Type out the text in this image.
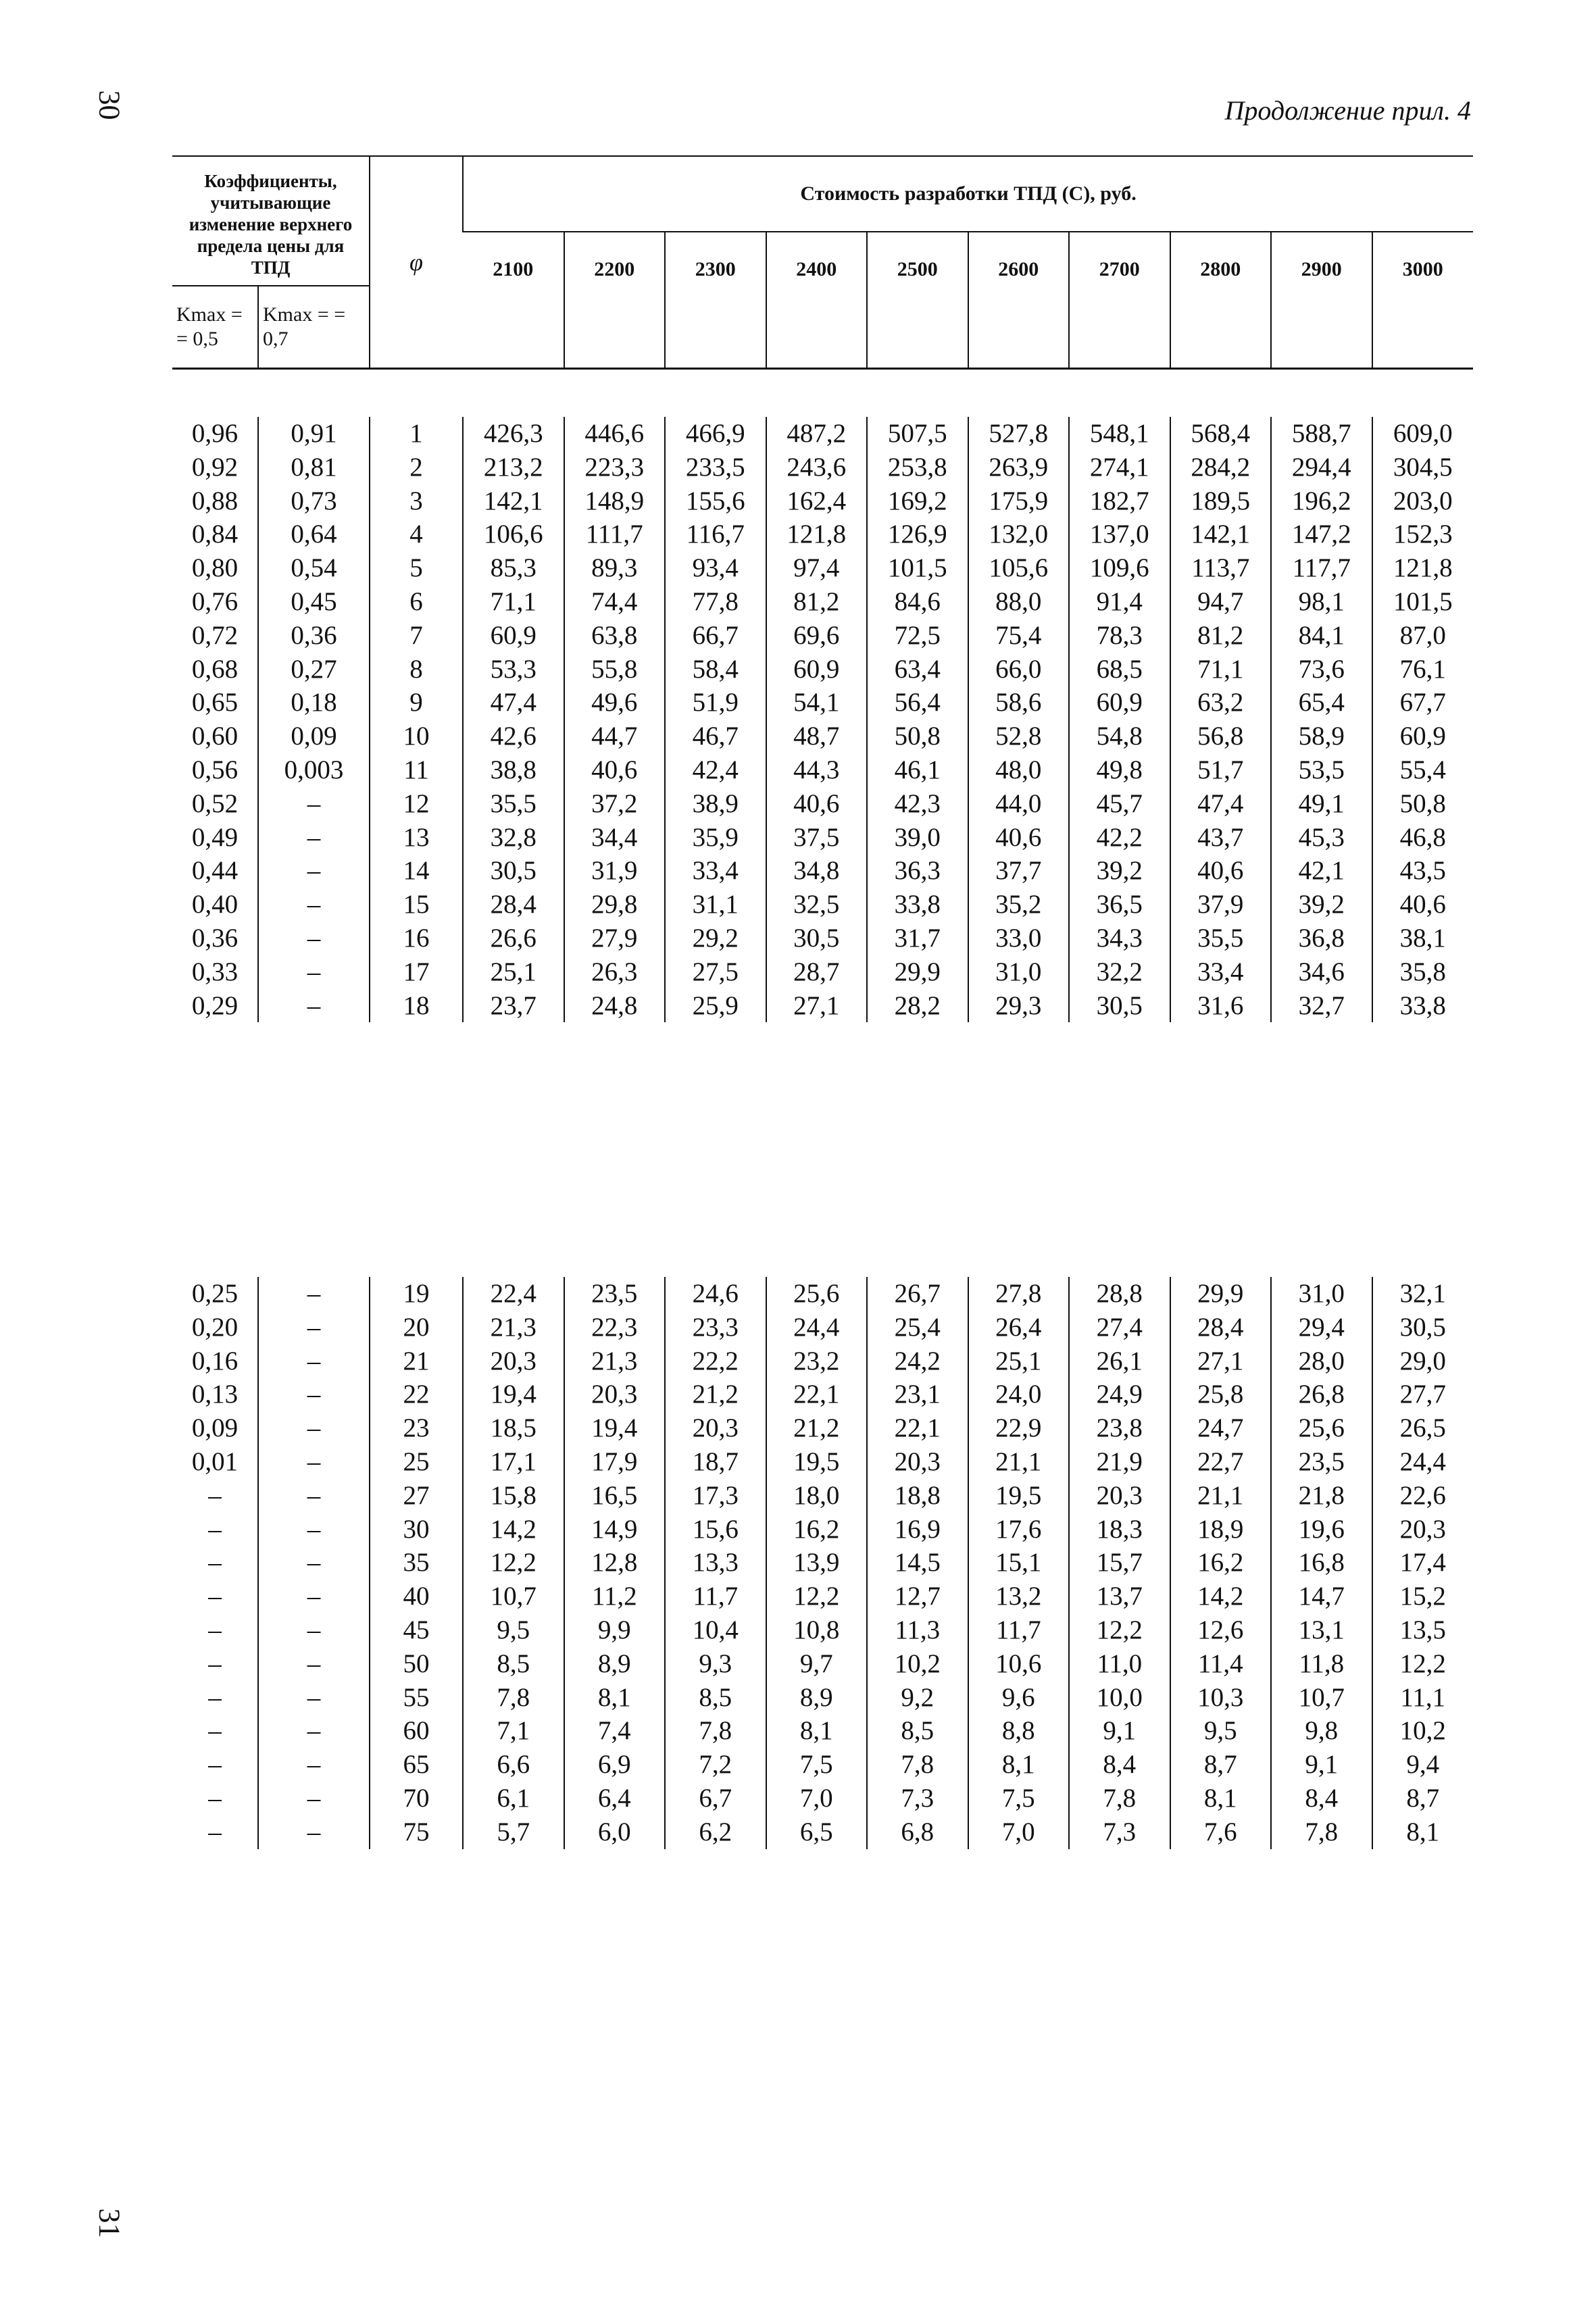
30	Продолжение прил. 4
Коэффициенты, учитывающие изменение верхнего предела цены для ТПД		φ	Стоимость разработки ТПД (C), руб.									
			2100	2200	2300	2400	2500	2600	2700	2800	2900	3000
Kmax = = 0,5	Kmax = = 0,7											
0,96	0,91	1	426,3	446,6	466,9	487,2	507,5	527,8	548,1	568,4	588,7	609,0
0,92	0,81	2	213,2	223,3	233,5	243,6	253,8	263,9	274,1	284,2	294,4	304,5
0,88	0,73	3	142,1	148,9	155,6	162,4	169,2	175,9	182,7	189,5	196,2	203,0
0,84	0,64	4	106,6	111,7	116,7	121,8	126,9	132,0	137,0	142,1	147,2	152,3
0,80	0,54	5	85,3	89,3	93,4	97,4	101,5	105,6	109,6	113,7	117,7	121,8
0,76	0,45	6	71,1	74,4	77,8	81,2	84,6	88,0	91,4	94,7	98,1	101,5
0,72	0,36	7	60,9	63,8	66,7	69,6	72,5	75,4	78,3	81,2	84,1	87,0
0,68	0,27	8	53,3	55,8	58,4	60,9	63,4	66,0	68,5	71,1	73,6	76,1
0,65	0,18	9	47,4	49,6	51,9	54,1	56,4	58,6	60,9	63,2	65,4	67,7
0,60	0,09	10	42,6	44,7	46,7	48,7	50,8	52,8	54,8	56,8	58,9	60,9
0,56	0,003	11	38,8	40,6	42,4	44,3	46,1	48,0	49,8	51,7	53,5	55,4
0,52	–	12	35,5	37,2	38,9	40,6	42,3	44,0	45,7	47,4	49,1	50,8
0,49	–	13	32,8	34,4	35,9	37,5	39,0	40,6	42,2	43,7	45,3	46,8
0,44	–	14	30,5	31,9	33,4	34,8	36,3	37,7	39,2	40,6	42,1	43,5
0,40	–	15	28,4	29,8	31,1	32,5	33,8	35,2	36,5	37,9	39,2	40,6
0,36	–	16	26,6	27,9	29,2	30,5	31,7	33,0	34,3	35,5	36,8	38,1
0,33	–	17	25,1	26,3	27,5	28,7	29,9	31,0	32,2	33,4	34,6	35,8
0,29	–	18	23,7	24,8	25,9	27,1	28,2	29,3	30,5	31,6	32,7	33,8
0,25	–	19	22,4	23,5	24,6	25,6	26,7	27,8	28,8	29,9	31,0	32,1
0,20	–	20	21,3	22,3	23,3	24,4	25,4	26,4	27,4	28,4	29,4	30,5
0,16	–	21	20,3	21,3	22,2	23,2	24,2	25,1	26,1	27,1	28,0	29,0
0,13	–	22	19,4	20,3	21,2	22,1	23,1	24,0	24,9	25,8	26,8	27,7
0,09	–	23	18,5	19,4	20,3	21,2	22,1	22,9	23,8	24,7	25,6	26,5
0,01	–	25	17,1	17,9	18,7	19,5	20,3	21,1	21,9	22,7	23,5	24,4
–	–	27	15,8	16,5	17,3	18,0	18,8	19,5	20,3	21,1	21,8	22,6
–	–	30	14,2	14,9	15,6	16,2	16,9	17,6	18,3	18,9	19,6	20,3
–	–	35	12,2	12,8	13,3	13,9	14,5	15,1	15,7	16,2	16,8	17,4
–	–	40	10,7	11,2	11,7	12,2	12,7	13,2	13,7	14,2	14,7	15,2
–	–	45	9,5	9,9	10,4	10,8	11,3	11,7	12,2	12,6	13,1	13,5
–	–	50	8,5	8,9	9,3	9,7	10,2	10,6	11,0	11,4	11,8	12,2
–	–	55	7,8	8,1	8,5	8,9	9,2	9,6	10,0	10,3	10,7	11,1
–	–	60	7,1	7,4	7,8	8,1	8,5	8,8	9,1	9,5	9,8	10,2
–	–	65	6,6	6,9	7,2	7,5	7,8	8,1	8,4	8,7	9,1	9,4
–	–	70	6,1	6,4	6,7	7,0	7,3	7,5	7,8	8,1	8,4	8,7
–	–	75	5,7	6,0	6,2	6,5	6,8	7,0	7,3	7,6	7,8	8,1
31
